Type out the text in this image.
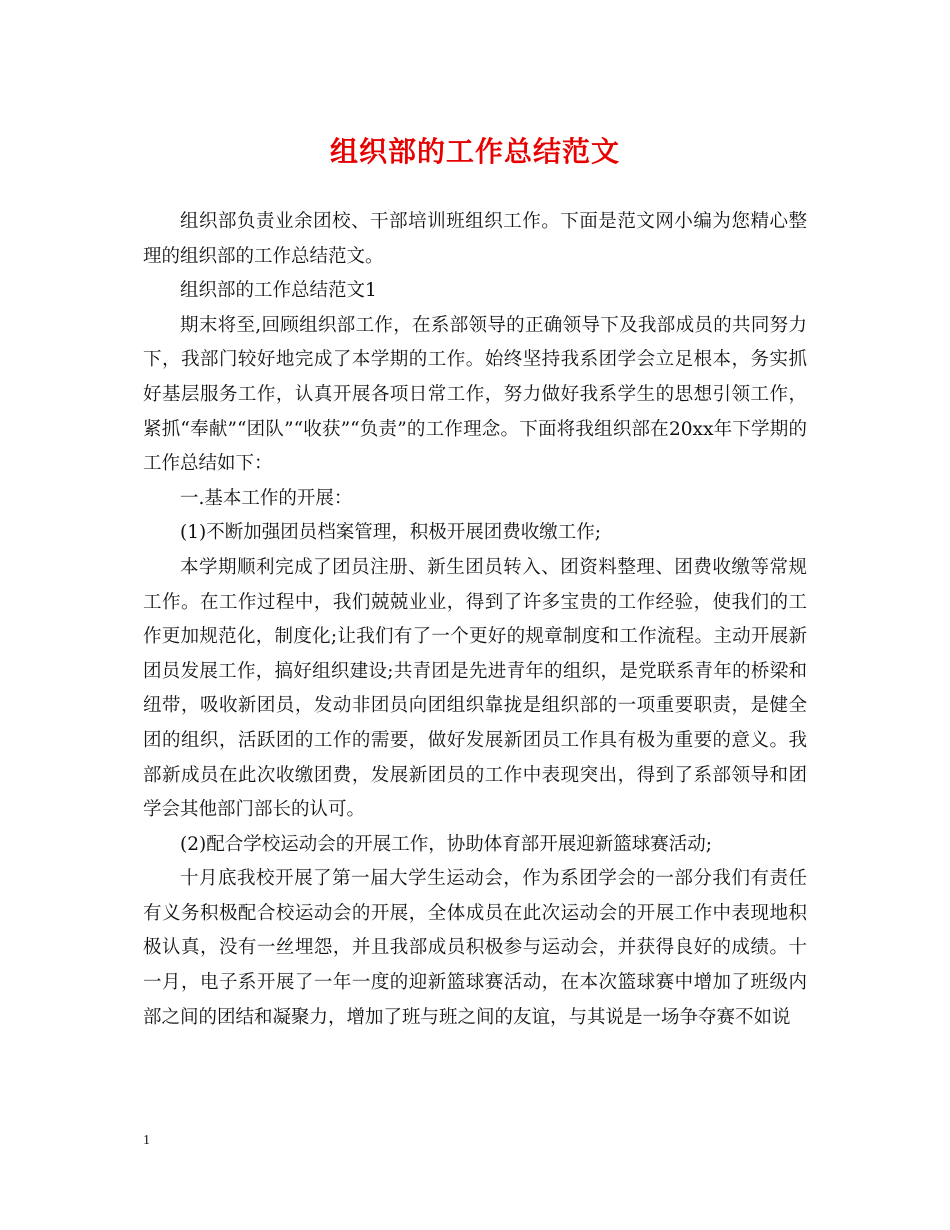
组织部的工作总结范文

组织部负责业余团校、干部培训班组织工作。下面是范文网小编为您精心整理的组织部的工作总结范文。

组织部的工作总结范文1

期末将至,回顾组织部工作，在系部领导的正确领导下及我部成员的共同努力下，我部门较好地完成了本学期的工作。始终坚持我系团学会立足根本，务实抓好基层服务工作，认真开展各项日常工作，努力做好我系学生的思想引领工作，紧抓“奉献”“团队”“收获”“负责”的工作理念。下面将我组织部在20xx年下学期的工作总结如下：

一.基本工作的开展：

(1)不断加强团员档案管理，积极开展团费收缴工作;

本学期顺利完成了团员注册、新生团员转入、团资料整理、团费收缴等常规工作。在工作过程中，我们兢兢业业，得到了许多宝贵的工作经验，使我们的工作更加规范化，制度化;让我们有了一个更好的规章制度和工作流程。主动开展新团员发展工作，搞好组织建设;共青团是先进青年的组织，是党联系青年的桥梁和纽带，吸收新团员，发动非团员向团组织靠拢是组织部的一项重要职责，是健全团的组织，活跃团的工作的需要，做好发展新团员工作具有极为重要的意义。我部新成员在此次收缴团费，发展新团员的工作中表现突出，得到了系部领导和团学会其他部门部长的认可。

(2)配合学校运动会的开展工作，协助体育部开展迎新篮球赛活动;

十月底我校开展了第一届大学生运动会，作为系团学会的一部分我们有责任有义务积极配合校运动会的开展，全体成员在此次运动会的开展工作中表现地积极认真，没有一丝埋怨，并且我部成员积极参与运动会，并获得良好的成绩。十一月，电子系开展了一年一度的迎新篮球赛活动，在本次篮球赛中增加了班级内部之间的团结和凝聚力，增加了班与班之间的友谊，与其说是一场争夺赛不如说

1
